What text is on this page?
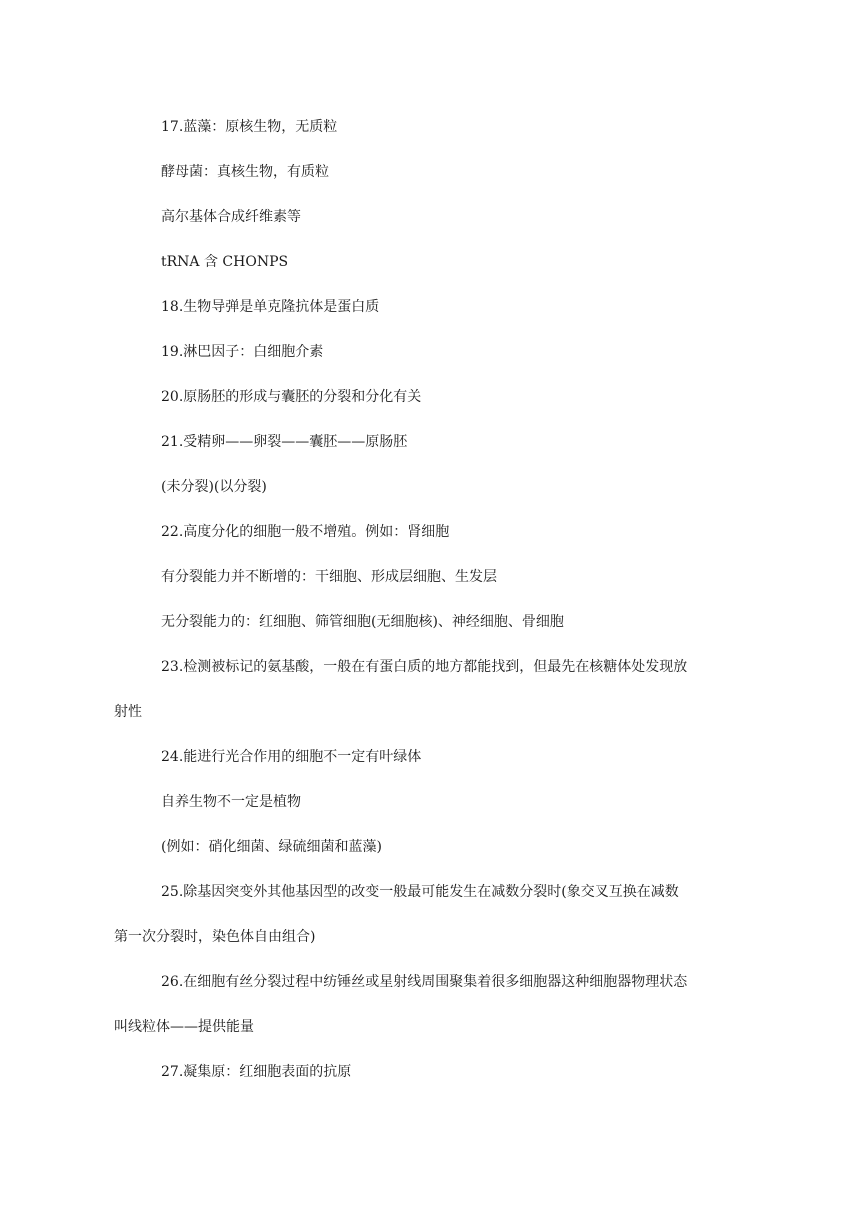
17.蓝藻：原核生物，无质粒
酵母菌：真核生物，有质粒
高尔基体合成纤维素等
tRNA 含 CHONPS
18.生物导弹是单克隆抗体是蛋白质
19.淋巴因子：白细胞介素
20.原肠胚的形成与囊胚的分裂和分化有关
21.受精卵——卵裂——囊胚——原肠胚
(未分裂)(以分裂)
22.高度分化的细胞一般不增殖。例如：肾细胞
有分裂能力并不断增的：干细胞、形成层细胞、生发层
无分裂能力的：红细胞、筛管细胞(无细胞核)、神经细胞、骨细胞
23.检测被标记的氨基酸，一般在有蛋白质的地方都能找到，但最先在核糖体处发现放
射性
24.能进行光合作用的细胞不一定有叶绿体
自养生物不一定是植物
(例如：硝化细菌、绿硫细菌和蓝藻)
25.除基因突变外其他基因型的改变一般最可能发生在减数分裂时(象交叉互换在减数
第一次分裂时，染色体自由组合)
26.在细胞有丝分裂过程中纺锤丝或星射线周围聚集着很多细胞器这种细胞器物理状态
叫线粒体——提供能量
27.凝集原：红细胞表面的抗原
